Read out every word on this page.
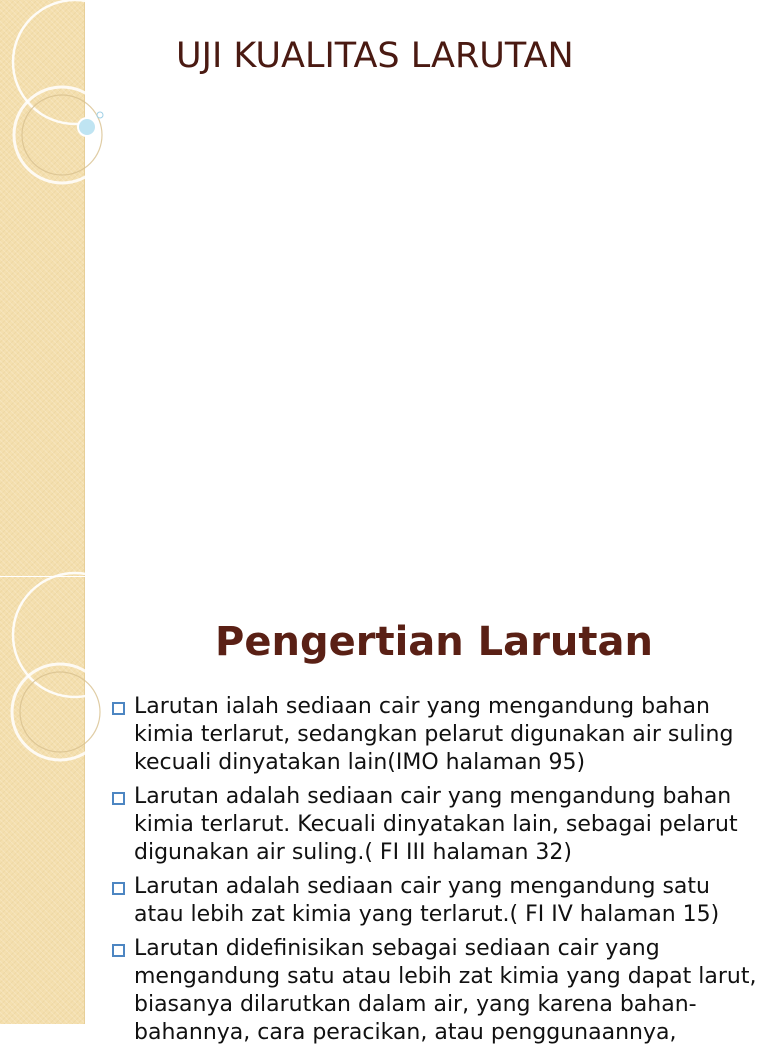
UJI KUALITAS LARUTAN
Pengertian Larutan
Larutan ialah sediaan cair yang mengandung bahan kimia terlarut, sedangkan pelarut digunakan air suling kecuali dinyatakan lain(IMO halaman 95)
Larutan adalah sediaan cair yang mengandung bahan kimia terlarut. Kecuali dinyatakan lain, sebagai pelarut digunakan air suling.( FI III halaman 32)
Larutan adalah sediaan cair yang mengandung satu atau lebih zat kimia yang terlarut.( FI IV halaman 15)
Larutan didefinisikan sebagai sediaan cair yang mengandung satu atau lebih zat kimia yang dapat larut, biasanya dilarutkan dalam air, yang karena bahan-bahannya, cara peracikan, atau penggunaannya,
